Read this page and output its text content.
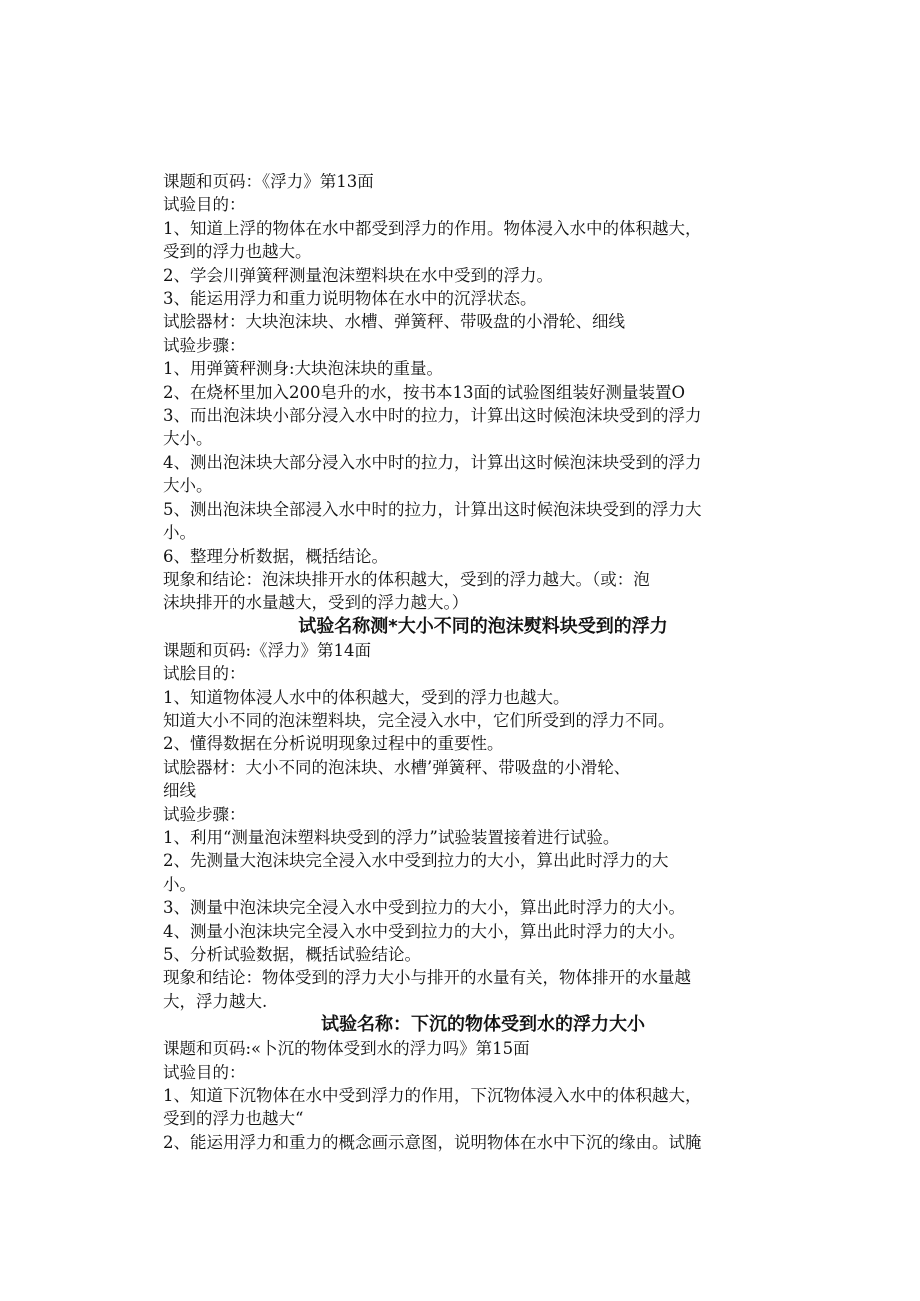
课题和页码：《浮力》第13面
试验目的：
1、知道上浮的物体在水中都受到浮力的作用。物体浸入水中的体积越大，
受到的浮力也越大。
2、学会川弹簧秤测量泡沫塑料块在水中受到的浮力。
3、能运用浮力和重力说明物体在水中的沉浮状态。
试脍器材：大块泡沫块、水槽、弹簧秤、带吸盘的小滑轮、细线
试验步骤：
1、用弹簧秤测身:大块泡沫块的重量。
2、在烧杯里加入200皂升的水，按书本13面的试验图组装好测量装置O
3、而出泡沫块小部分浸入水中时的拉力，计算出这时候泡沫块受到的浮力
大小。
4、测出泡沫块大部分浸入水中时的拉力，计算出这时候泡沫块受到的浮力
大小。
5、测出泡沫块全部浸入水中时的拉力，计算出这时候泡沫块受到的浮力大
小。
6、整理分析数据，概括结论。
现象和结论：泡沫块排开水的体积越大，受到的浮力越大。（或：泡
沫块排开的水量越大，受到的浮力越大。）
试验名称测*大小不同的泡沫熨料块受到的浮力
课题和页码:《浮力》第14面
试脍目的：
1、知道物体浸人水中的体积越大，受到的浮力也越大。
知道大小不同的泡沫塑料块，完全浸入水中，它们所受到的浮力不同。
2、懂得数据在分析说明现象过程中的重要性。
试脍器材：大小不同的泡沫块、水槽’弹簧秤、带吸盘的小滑轮、
细线
试验步骤：
1、利用“测量泡沫塑料块受到的浮力”试验装置接着进行试验。
2、先测量大泡沫块完全浸入水中受到拉力的大小，算出此时浮力的大
小。
3、测量中泡沫块完全浸入水中受到拉力的大小，算出此时浮力的大小。
4、测量小泡沫块完全浸入水中受到拉力的大小，算出此时浮力的大小。
5、分析试验数据，概括试验结论。
现象和结论：物体受到的浮力大小与排开的水量有关，物体排开的水量越
大，浮力越大.
试验名称：下沉的物体受到水的浮力大小
课题和页码:«卜沉的物体受到水的浮力吗》第15面
试验目的：
1、知道下沉物体在水中受到浮力的作用，下沉物体浸入水中的体积越大，
受到的浮力也越大“
2、能运用浮力和重力的概念画示意图，说明物体在水中下沉的缘由。试腌
